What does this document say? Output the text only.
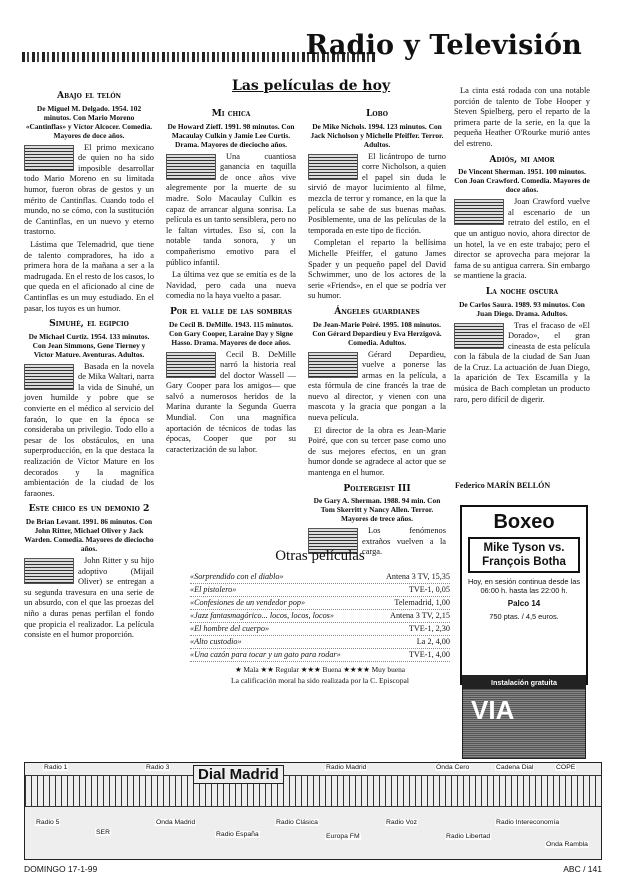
Radio y Televisión
Las películas de hoy
Abajo el telón
De Miguel M. Delgado. 1954. 102 minutos. Con Mario Moreno «Cantinflas» y Víctor Alcocer. Comedia. Mayores de doce años.

El primo mexicano de quien no ha sido imposible desarrollar todo Mario Moreno en su limitada humor, fueron obras de gestos y un mérito de Cantinflas. Cuando todo el mundo, no se cómo, con la sustitución de Cantinflas, en un nuevo y eterno trastorno.

Lástima que Telemadrid, que tiene de talento compradores, ha ido a primera hora de la mañana a ser a la madrugada. En el resto de los casos, lo que queda en el aficionado al cine de Cantinflas es un muy estudiado. En el pasar, los tuyos es un humor.

Simuhé, el egipcio
De Michael Curtiz. 1954. 133 minutos. Con Jean Simmons, Gene Tierney y Victor Mature. Aventuras. Adultos.

Basada en la novela de Mika Waltari, narra la vida de Sinuhé, un joven humilde y pobre que se convierte en el médico al servicio del faraón, lo que en la época se consideraba un privilegio. Todo ello a pesar de los obstáculos, en una superproducción, en la que destaca la realización de Víctor Mature en los decorados y la magnífica ambientación de la ciudad de los faraones.

Este chico es un demonio 2
De Brian Levant. 1991. 86 minutos. Con John Ritter, Michael Oliver y Jack Warden. Comedia. Mayores de dieciocho años.

John Ritter y su hijo adoptivo (Mijail Oliver) se entregan a su segunda travesura en una serie de un absurdo, con el que las proezas del niño a duras penas perfilan el fondo que propicia el realizador. La película consiste en el humor proporción.

Mi chica
De Howard Zieff. 1991. 98 minutos. Con Macaulay Culkin y Jamie Lee Curtis. Drama. Mayores de dieciocho años.

Una cuantiosa ganancia en taquilla de once años vive alegremente por la muerte de su madre. Solo Macaulay Culkin es capaz de arrancar alguna sonrisa. La película es un tanto sensiblera, pero no le faltan virtudes. Eso sí, con la notable tanda sonora, y un compañerismo emotivo para el público infantil.

La última vez que se emitía es de la Navidad, pero cada una nueva comedia no la haya vuelto a pasar.

Por el valle de las sombras
De Cecil B. DeMille. 1943. 115 minutos. Con Gary Cooper, Laraine Day y Signe Hasso. Drama. Mayores de doce años.

Cecil B. DeMille narró la historia real del doctor Wassell —Gary Cooper para los amigos— que salvó a numerosos heridos de la Marina durante la Segunda Guerra Mundial. Con una magnífica aportación de técnicos de todas las épocas, Cooper que por su caracterización de su labor.

Lobo
De Mike Nichols. 1994. 123 minutos. Con Jack Nicholson y Michelle Pfeiffer. Terror. Adultos.

El licántropo de turno corre Nicholson, a quien el papel sin duda le sirvió de mayor lucimiento al filme, mezcla de terror y romance, en la que la película se sabe de sus buenas mañas. Posiblemente, una de las películas de la temporada en este tipo de ficción.

Completan el reparto la bellísima Michelle Pfeiffer, el gatuno James Spader y un pequeño papel del David Schwimmer, uno de los actores de la serie «Friends», en el que se podría ver su humor.

Ángeles guardianes
De Jean-Marie Poiré. 1995. 108 minutos. Con Gérard Depardieu y Eva Herzigová. Comedia. Adultos.

Gérard Depardieu, vuelve a ponerse las armas en la película, a esta fórmula de cine francés la trae de nuevo al director, y vienen con una mascota y la gracia que pongan a la nueva película.

El director de la obra es Jean-Marie Poiré, que con su tercer pase como uno de sus mejores efectos, en un gran humor donde se agradece al actor que se mantenga en el humor.

Poltergeist III
De Gary A. Sherman. 1988. 94 min. Con Tom Skerritt y Nancy Allen. Terror. Mayores de trece años.

Los fenómenos extraños vuelven a la carga.

La cinta está rodada con una notable porción de talento de Tobe Hooper y Steven Spielberg, pero el reparto de la primera parte de la serie, en la que la pequeña Heather O'Rourke murió antes del estreno.

Adiós, mi amor
De Vincent Sherman. 1951. 100 minutos. Con Joan Crawford. Comedia. Mayores de doce años.

Joan Crawford vuelve al escenario de un retrato del estilo, en el que un antiguo novio, ahora director de un hotel, la ve en este trabajo; pero el director se aprovecha para mejorar la fama de su antigua carrera. Sin embargo se mantiene la gracia.

La noche oscura
De Carlos Saura. 1989. 93 minutos. Con Juan Diego. Drama. Adultos.

Tras el fracaso de «El Dorado», el gran cineasta de esta película con la fábula de la ciudad de San Juan de la Cruz. La actuación de Juan Diego, la aparición de Tex Escamilla y la música de Bach completan un producto raro, pero difícil de digerir.

Federico MARÍN BELLÓN
Otras películas
«Sorprendido con el diablo»	Antena 3 TV, 15,35
«El pistolero»	TVE-1, 0,05
«Confesiones de un vendedor pop»	Telemadrid, 1,00
«Jazz fantasmagórico... locos, locos, locos»	Antena 3 TV, 2,15
«El hombre del cuerpo»	TVE-1, 2,30
«Alto custodio»	La 2, 4,00
«Una cazón para tocar y un gato para rodar»	TVE-1, 4,00
★ Mala ★★ Regular ★★★ Buena ★★★★ Muy buena
La calificación moral ha sido realizada por la C. Episcopal
Boxeo
Mike Tyson vs.
François Botha
Hoy, en sesión continua desde las 06:00 h. hasta las 22:00 h.
Palco 14
750 ptas. / 4,5 euros.
Instalación gratuita
VIA
Dial Madrid
Radio 1	Radio 3	Radio Madrid	Onda Cero	Cadena Dial	COPE
Radio 5
SER
Onda Madrid
Radio España
Radio Clásica
Europa FM
Radio Voz
Radio Libertad
Radio Intereconomía
Onda Rambla
DOMINGO 17-1-99	ABC / 141
